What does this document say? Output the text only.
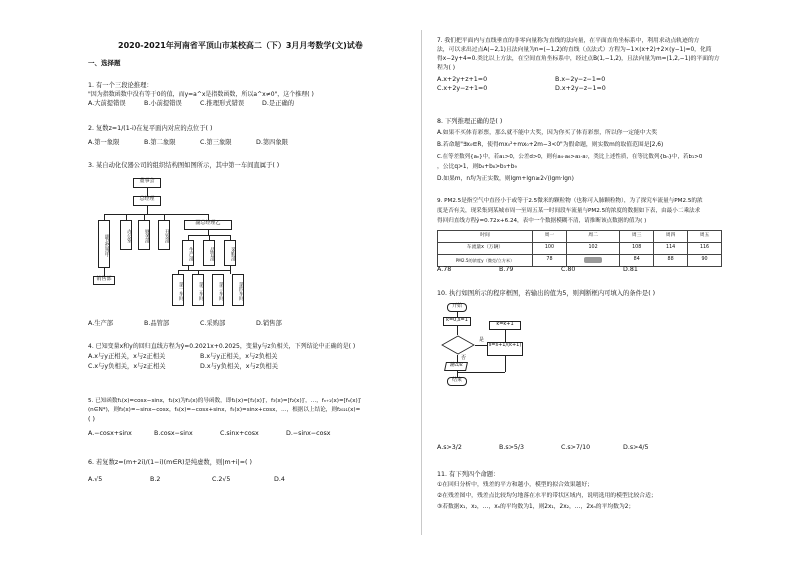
2020-2021年河南省平顶山市某校高二（下）3月月考数学(文)试卷
一、选择题
1. 有一个三段论推理：
"因为指数函数中没有等于0的值，而y=a^x是指数函数，所以a^x≠0"，这个推理( )
A.大前提错误	B.小前提错误	C.推理形式错误	D.是正确的
2. 复数z=1/(1-i)在复平面内对应的点位于( )
A.第一象限	B.第二象限	C.第三象限	D.第四象限
3. 某自动化仪器公司的组织结构图如图所示，其中第一车间直属于( )
董事会
总经理
副总经理甲
销售部
办公室	财务部	开发部
副总经理乙
生产部	品管部	采购部
第一车间	第二车间	第三车间	第四车间
A.生产部	B.品管部	C.采购部	D.销售部
4. 已知变量x和y的回归直线方程为ŷ=0.2021x+0.2025，变量y与z负相关，下列结论中正确的是( )
A.x与y正相关，x与z正相关	B.x与y正相关，x与z负相关
C.x与y负相关，x与z正相关	D.x与y负相关，x与z负相关
5. 已知函数f₁(x)=cosx−sinx，f₂(x)为f₁(x)的导函数，即f₂(x)=[f₁(x)]′，f₃(x)=[f₂(x)]′，…，fₙ₊₁(x)=[fₙ(x)]′
(n∈N*)，则f₃(x)=−sinx−cosx，f₄(x)=−cosx+sinx，f₅(x)=sinx+cosx，…，根据以上结论，则f₂₀₂₁(x)=
( )
A.−cosx+sinx	B.cosx−sinx	C.sinx+cosx	D.−sinx−cosx
6. 若复数z=(m+2i)/(1−i)(m∈R)是纯虚数，则|m+i|=( )
A.√5	B.2	C.2√5	D.4
7. 我们把平面内与直线垂直的非零向量称为直线的法向量，在平面直角坐标系中，利用求动点轨迹的方
法，可以求出过点A(−2,1)且法向量为n=(−1,2)的直线（点法式）方程为−1×(x+2)+2×(y−1)=0，化简
得x−2y+4=0.类比以上方法，在空间直角坐标系中，经过点B(1,−1,2)，且法向量为m=(1,2,−1)的平面的方
程为( )
A.x+2y+z+1=0	B.x−2y−z−1=0
C.x+2y−z+1=0	D.x+2y−z−1=0
8. 下列推理正确的是( )
A.如果不买体育彩票，那么就不能中大奖，因为你买了体育彩票，所以你一定能中大奖
B.若命题"∃x₀∈R，使得mx₀²+mx₀+2m−3<0"为假命题，则实数m的取值范围是[2,6)
C.在等差数列{aₙ}中，若a₁>0，公差d>0，则有a₄·a₆>a₃·a₇，类比上述性质，在等比数列{bₙ}中，若b₁>0
，公比q>1，则b₄+b₈>b₃+b₉
D.如果m，n均为正实数，则lgm+lgn≥2√(lgm·lgn)
9. PM2.5是指空气中直径小于或等于2.5微米的颗粒物（也称可入肺颗粒物），为了探究车流量与PM2.5的浓
度是否有关，现采集到某城市周一至周五某一时间段车流量与PM2.5的浓度的数据如下表，由最小二乘法求
得回归直线方程ŷ=0.72x+6.24，表中一个数据模糊不清，请推断该点数据的值为( )
时间	周一	周二	周三	周四	周五
车流量x（万辆）	100	102	108	114	116
PM2.5的浓度y（微克/立方米）	78		84	88	90
A.78	B.79	C.80	D.81
10. 执行如图所示的程序框图，若输出的值为5，则判断框内可填入的条件是( )
开始
k=0,s=1
是
k=k+1
s=s+1/(k+1)
否
输出k
结束
A.s>3/2	B.s>5/3	C.s>7/10	D.s>4/5
11. 有下列四个命题：
①在回归分析中，残差的平方和越小，模型的拟合效果越好；
②在残差图中，残差点比较均匀地落在水平的带状区域内，说明选用的模型比较合适；
③若数据x₁，x₂，…，xₙ的平均数为1，则2x₁，2x₂，…，2xₙ的平均数为2；
